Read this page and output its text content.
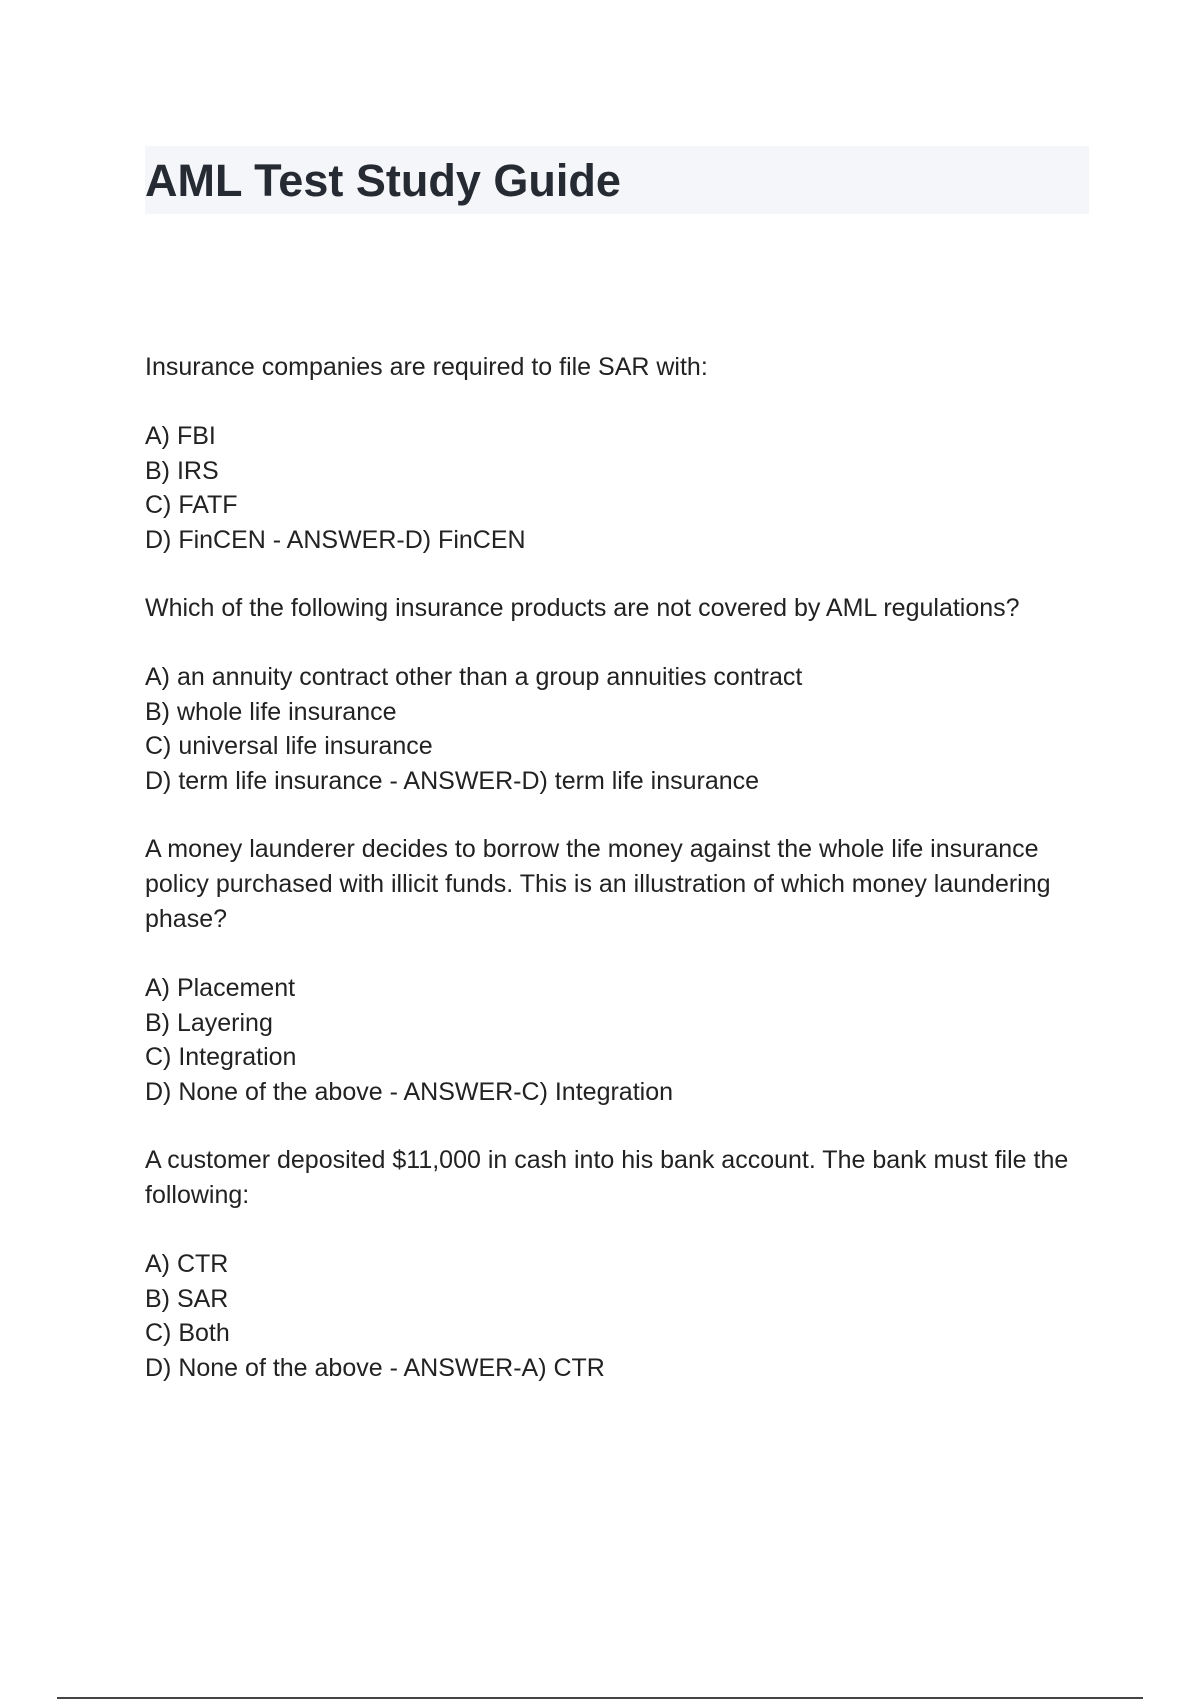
AML Test Study Guide

Insurance companies are required to file SAR with:

A) FBI
B) IRS
C) FATF
D) FinCEN - ANSWER-D) FinCEN

Which of the following insurance products are not covered by AML regulations?

A) an annuity contract other than a group annuities contract
B) whole life insurance
C) universal life insurance
D) term life insurance - ANSWER-D) term life insurance

A money launderer decides to borrow the money against the whole life insurance policy purchased with illicit funds. This is an illustration of which money laundering phase?

A) Placement
B) Layering
C) Integration
D) None of the above - ANSWER-C) Integration

A customer deposited $11,000 in cash into his bank account. The bank must file the following:

A) CTR
B) SAR
C) Both
D) None of the above - ANSWER-A) CTR
